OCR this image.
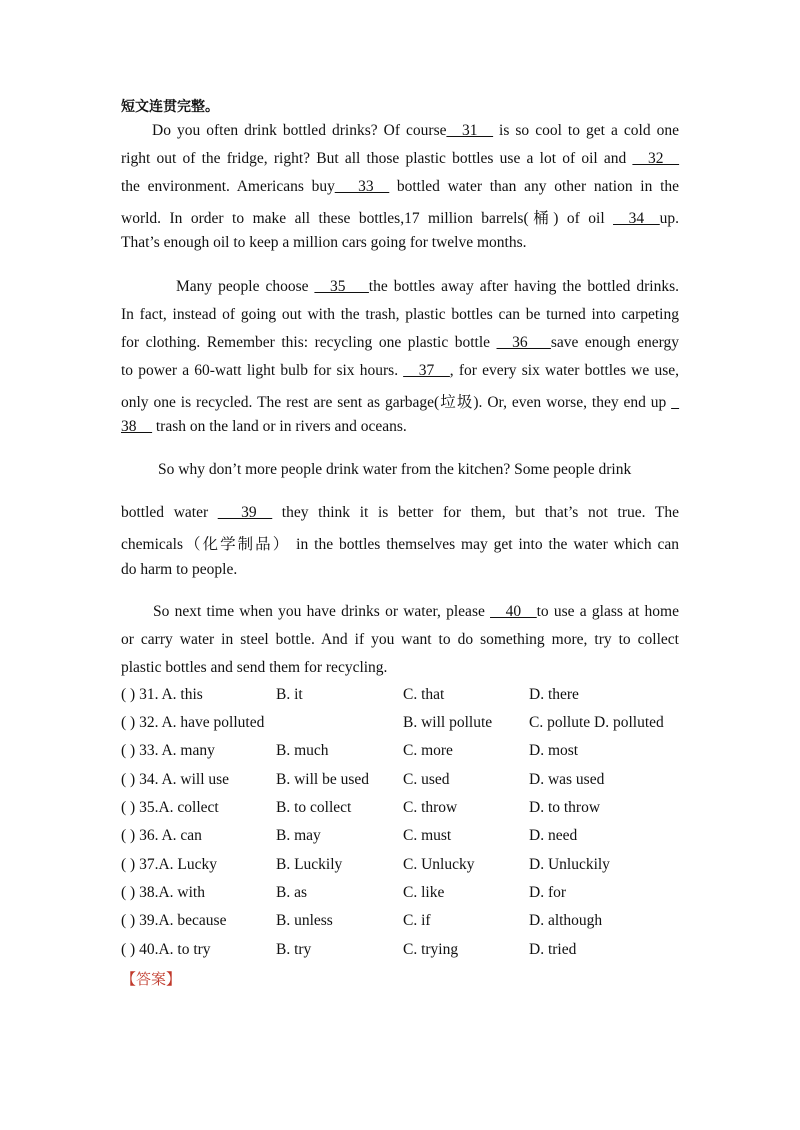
短文连贯完整。
Do you often drink bottled drinks? Of course__31__ is so cool to get a cold one
right out of the fridge, right? But all those plastic bottles use a lot of oil and __32__
the environment. Americans buy___33__ bottled water than any other nation in the
world. In order to make all these bottles,17 million barrels(桶) of oil __34__up.
That’s enough oil to keep a million cars going for twelve months.
Many people choose __35___the bottles away after having the bottled drinks.
In fact, instead of going out with the trash, plastic bottles can be turned into carpeting
for clothing. Remember this: recycling one plastic bottle __36___save enough energy
to power a 60-watt light bulb for six hours. __37__, for every six water bottles we use,
only one is recycled. The rest are sent as garbage(垃圾). Or, even worse, they end up _
38__ trash on the land or in rivers and oceans.
So why don’t more people drink water from the kitchen? Some people drink
bottled water ___39__ they think it is better for them, but that’s not true. The
chemicals（化学制品） in the bottles themselves may get into the water which can
do harm to people.
So next time when you have drinks or water, please __40__to use a glass at home
or carry water in steel bottle. And if you want to do something more, try to collect
plastic bottles and send them for recycling.
( ) 31. A. this	B. it	C. that	D. there
( ) 32. A. have polluted	B. will pollute C. pollute D. polluted
( ) 33. A. many	B. much	C. more	D. most
( ) 34. A. will use	B. will be used C. used	D. was used
( ) 35.A. collect	B. to collect	C. throw	D. to throw
( ) 36. A. can	B. may	C. must	D. need
( ) 37.A. Lucky	B. Luckily	C. Unlucky	D. Unluckily
( ) 38.A. with	B. as	C. like	D. for
( ) 39.A. because	B. unless	C. if	D. although
( ) 40.A. to try	B. try	C. trying	D. tried
【答案】
